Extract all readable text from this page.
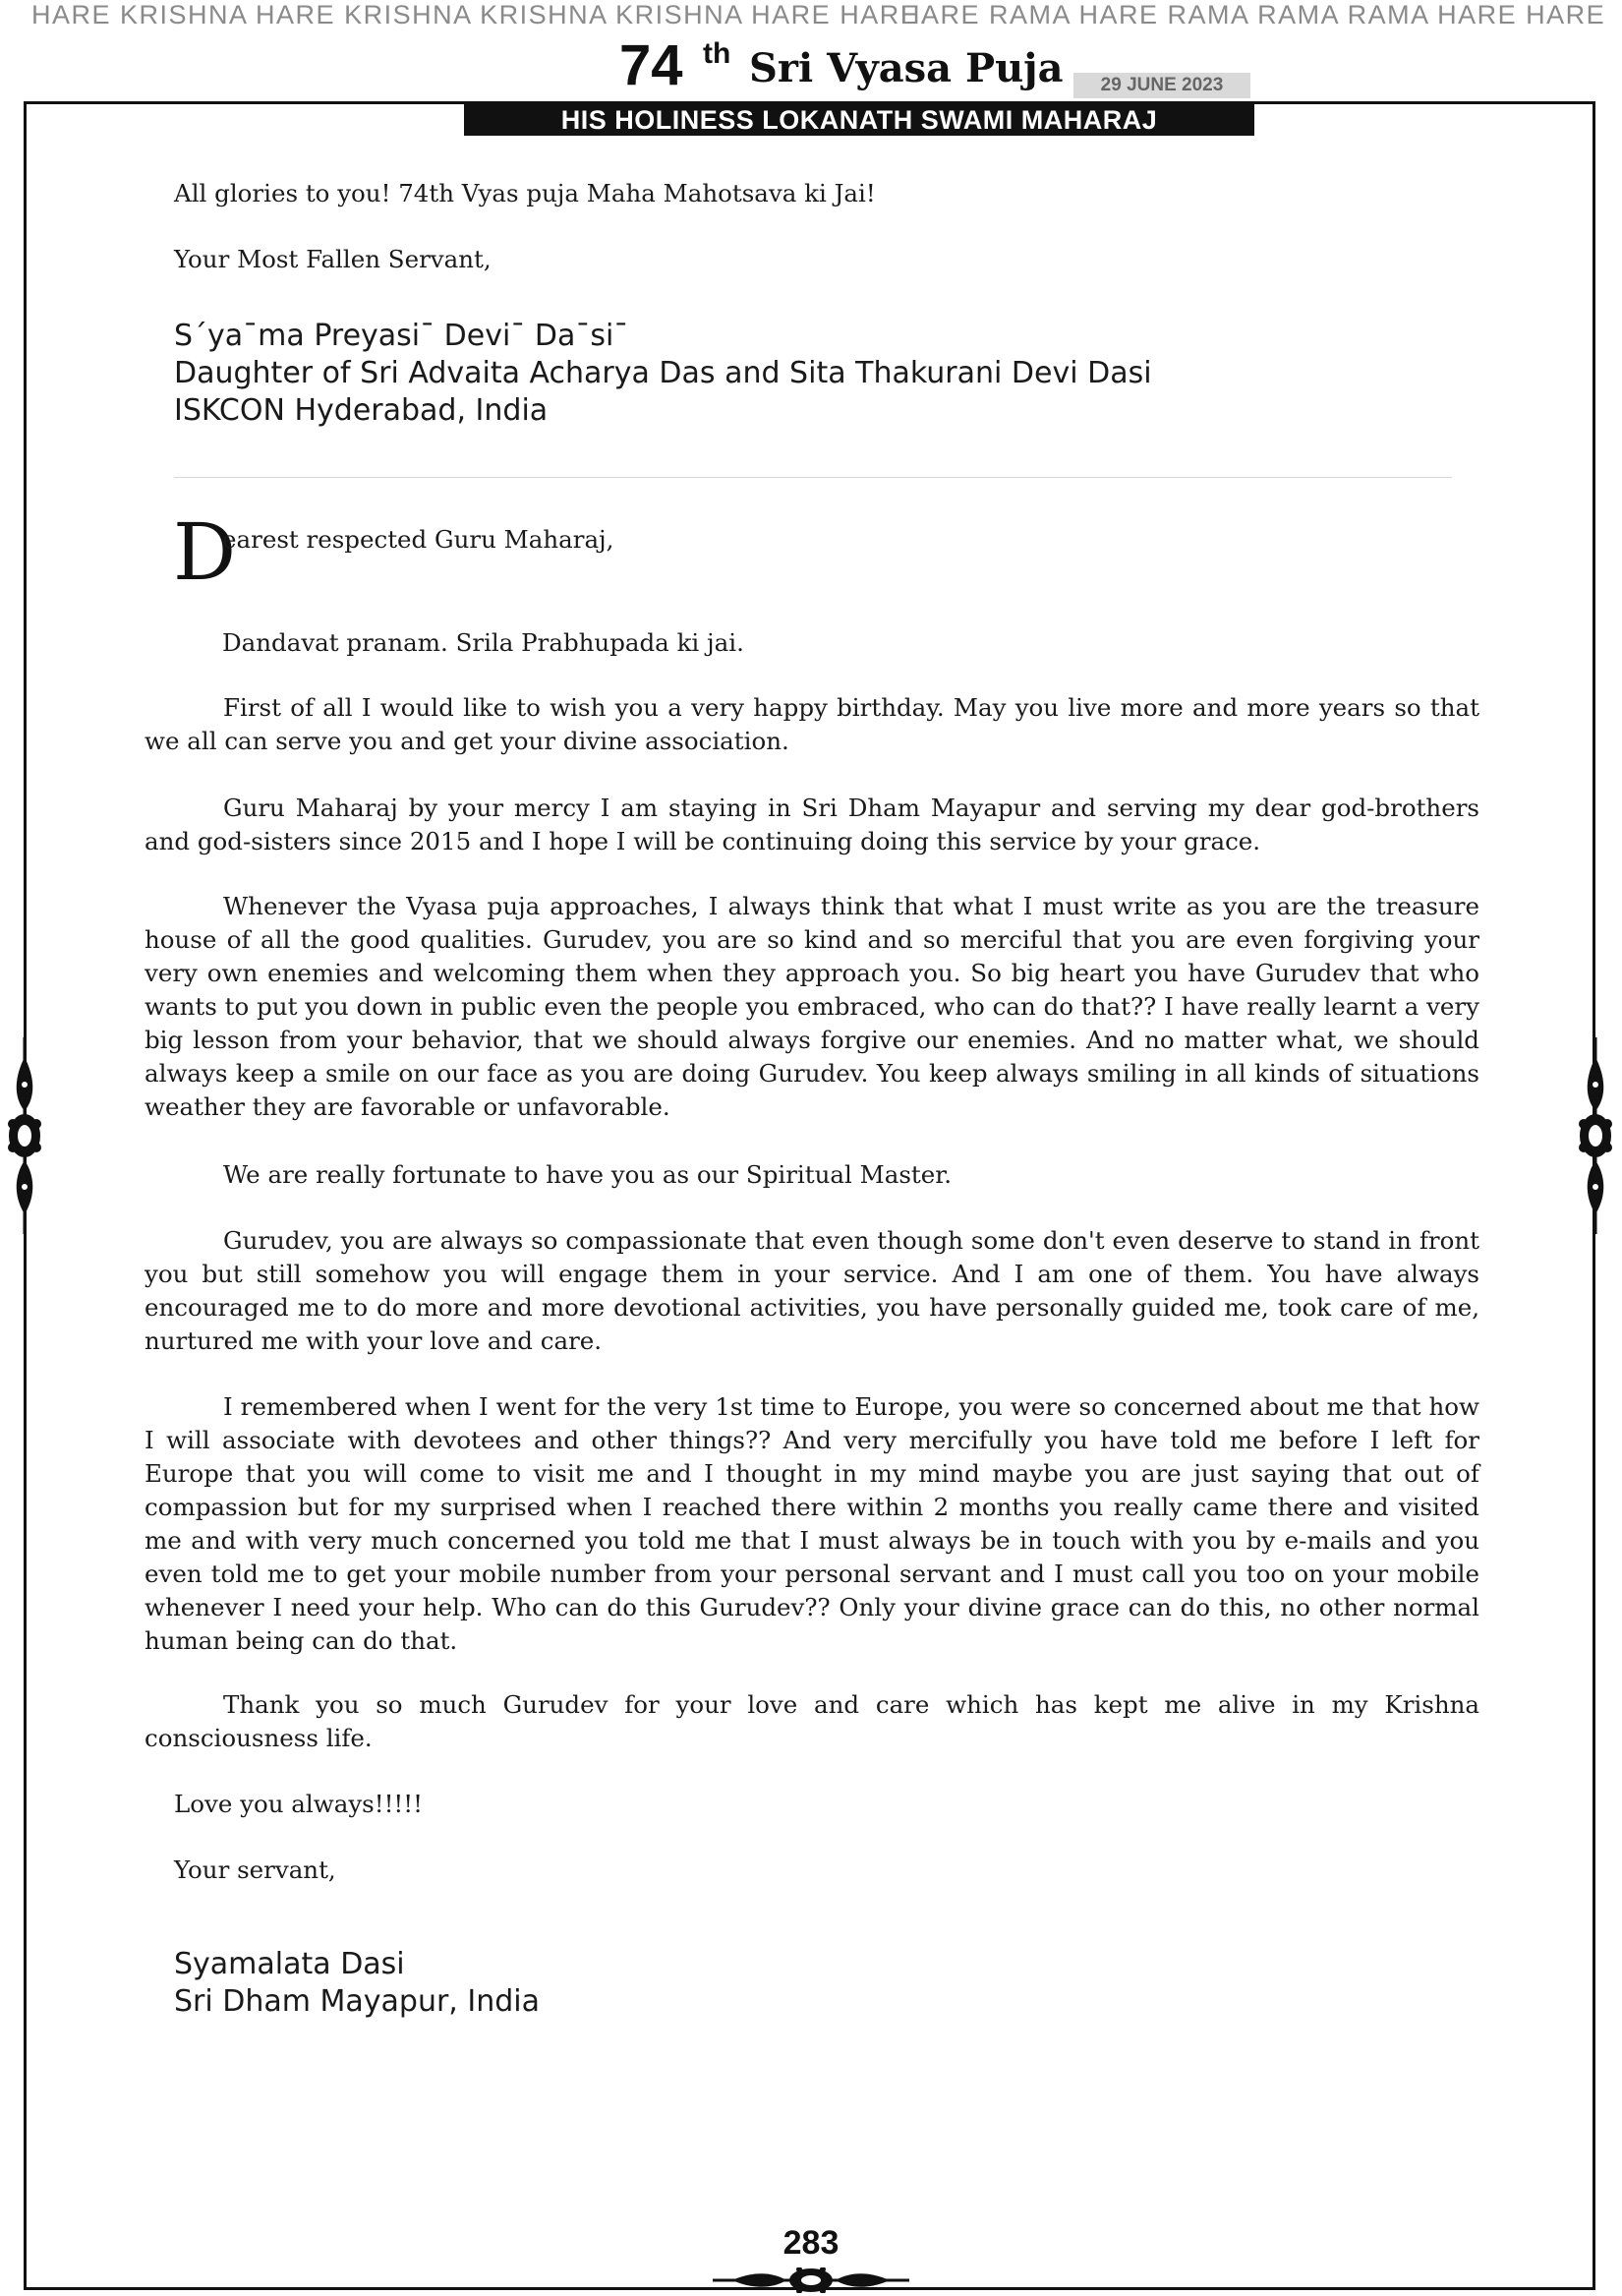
HARE KRISHNA HARE KRISHNA KRISHNA KRISHNA HARE HARE.
HARE RAMA HARE RAMA RAMA RAMA HARE HARE
74 th Sri Vyasa Puja	29 JUNE 2023
HIS HOLINESS LOKANATH SWAMI MAHARAJ
All glories to you! 74th Vyas puja Maha Mahotsava ki Jai!
Your Most Fallen Servant,
S´ya¯ma Preyasi¯ Devi¯ Da¯si¯
Daughter of Sri Advaita Acharya Das and Sita Thakurani Devi Dasi
ISKCON Hyderabad, India
D
earest respected Guru Maharaj,
Dandavat pranam. Srila Prabhupada ki jai.
First of all I would like to wish you a very happy birthday. May you live more and more years so that we all can serve you and get your divine association.
Guru Maharaj by your mercy I am staying in Sri Dham Mayapur and serving my dear god-brothers and god-sisters since 2015 and I hope I will be continuing doing this service by your grace.
Whenever the Vyasa puja approaches, I always think that what I must write as you are the treasure house of all the good qualities. Gurudev, you are so kind and so merciful that you are even forgiving your very own enemies and welcoming them when they approach you. So big heart you have Gurudev that who wants to put you down in public even the people you embraced, who can do that?? I have really learnt a very big lesson from your behavior, that we should always forgive our enemies. And no matter what, we should always keep a smile on our face as you are doing Gurudev. You keep always smiling in all kinds of situations weather they are favorable or unfavorable.
We are really fortunate to have you as our Spiritual Master.
Gurudev, you are always so compassionate that even though some don't even deserve to stand in front you but still somehow you will engage them in your service. And I am one of them. You have always encouraged me to do more and more devotional activities, you have personally guided me, took care of me, nurtured me with your love and care.
I remembered when I went for the very 1st time to Europe, you were so concerned about me that how I will associate with devotees and other things?? And very mercifully you have told me before I left for Europe that you will come to visit me and I thought in my mind maybe you are just saying that out of compassion but for my surprised when I reached there within 2 months you really came there and visited me and with very much concerned you told me that I must always be in touch with you by e-mails and you even told me to get your mobile number from your personal servant and I must call you too on your mobile whenever I need your help. Who can do this Gurudev?? Only your divine grace can do this, no other normal human being can do that.
Thank you so much Gurudev for your love and care which has kept me alive in my Krishna consciousness life.
Love you always!!!!!
Your servant,
Syamalata Dasi
Sri Dham Mayapur, India
283
